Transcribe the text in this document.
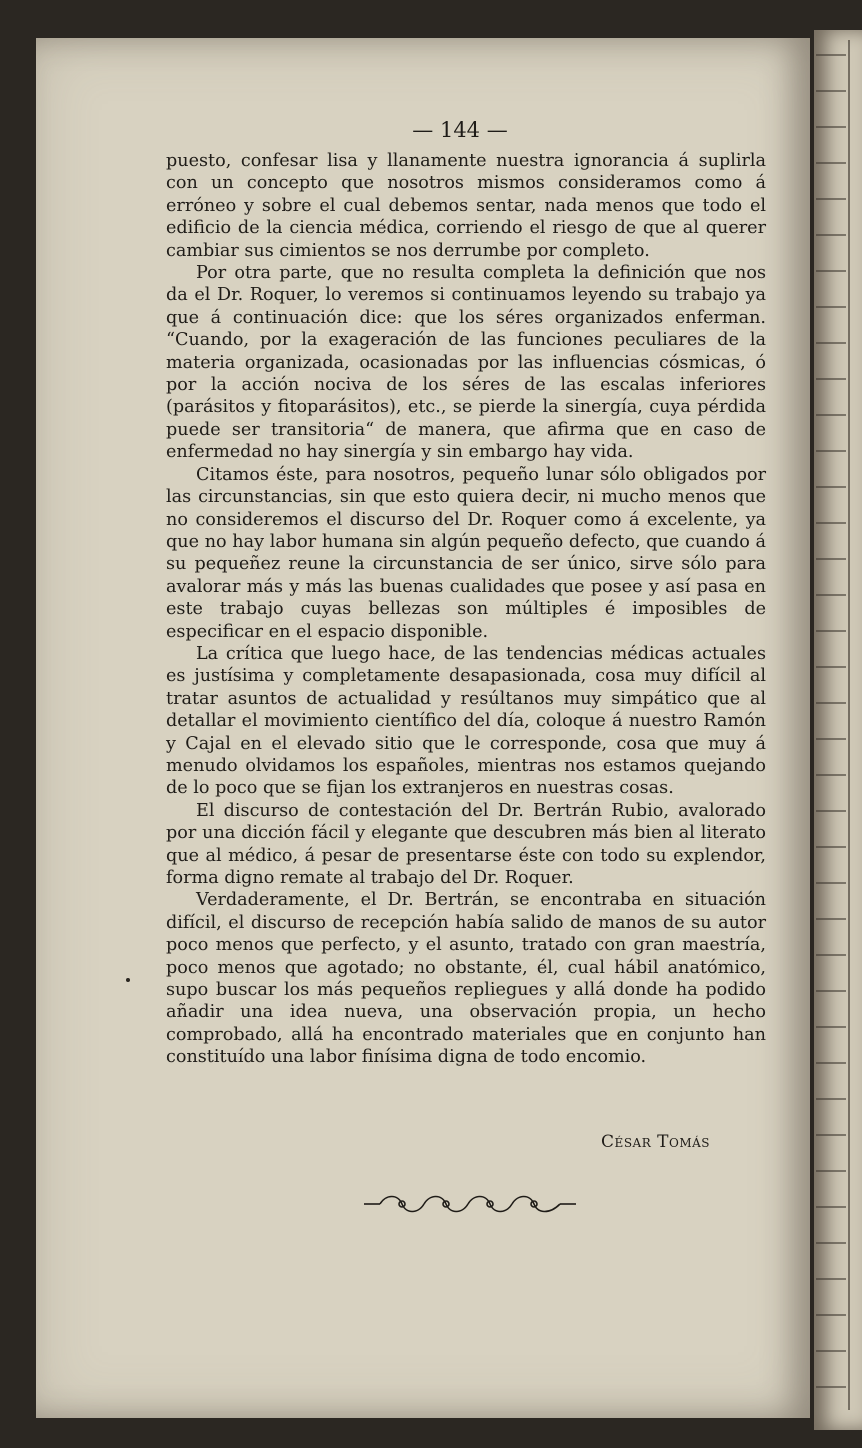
— 144 —

puesto, confesar lisa y llanamente nuestra ignorancia á suplirla con un concepto que nosotros mismos consideramos como á erróneo y sobre el cual debemos sentar, nada menos que todo el edificio de la ciencia médica, corriendo el riesgo de que al querer cambiar sus cimientos se nos derrumbe por completo.

Por otra parte, que no resulta completa la definición que nos da el Dr. Roquer, lo veremos si continuamos leyendo su trabajo ya que á continuación dice: que los séres organizados enferman. “Cuando, por la exageración de las funciones peculiares de la materia organizada, ocasionadas por las influencias cósmicas, ó por la acción nociva de los séres de las escalas inferiores (parásitos y fitoparásitos), etc., se pierde la sinergía, cuya pérdida puede ser transitoria“ de manera, que afirma que en caso de enfermedad no hay sinergía y sin embargo hay vida.

Citamos éste, para nosotros, pequeño lunar sólo obligados por las circunstancias, sin que esto quiera decir, ni mucho menos que no consideremos el discurso del Dr. Roquer como á excelente, ya que no hay labor humana sin algún pequeño defecto, que cuando á su pequeñez reune la circunstancia de ser único, sirve sólo para avalorar más y más las buenas cualidades que posee y así pasa en este trabajo cuyas bellezas son múltiples é imposibles de especificar en el espacio disponible.

La crítica que luego hace, de las tendencias médicas actuales es justísima y completamente desapasionada, cosa muy difícil al tratar asuntos de actualidad y resúltanos muy simpático que al detallar el movimiento científico del día, coloque á nuestro Ramón y Cajal en el elevado sitio que le corresponde, cosa que muy á menudo olvidamos los españoles, mientras nos estamos quejando de lo poco que se fijan los extranjeros en nuestras cosas.

El discurso de contestación del Dr. Bertrán Rubio, avalorado por una dicción fácil y elegante que descubren más bien al literato que al médico, á pesar de presentarse éste con todo su explendor, forma digno remate al trabajo del Dr. Roquer.

Verdaderamente, el Dr. Bertrán, se encontraba en situación difícil, el discurso de recepción había salido de manos de su autor poco menos que perfecto, y el asunto, tratado con gran maestría, poco menos que agotado; no obstante, él, cual hábil anatómico, supo buscar los más pequeños repliegues y allá donde ha podido añadir una idea nueva, una observación propia, un hecho comprobado, allá ha encontrado materiales que en conjunto han constituído una labor finísima digna de todo encomio.

César Tomás
